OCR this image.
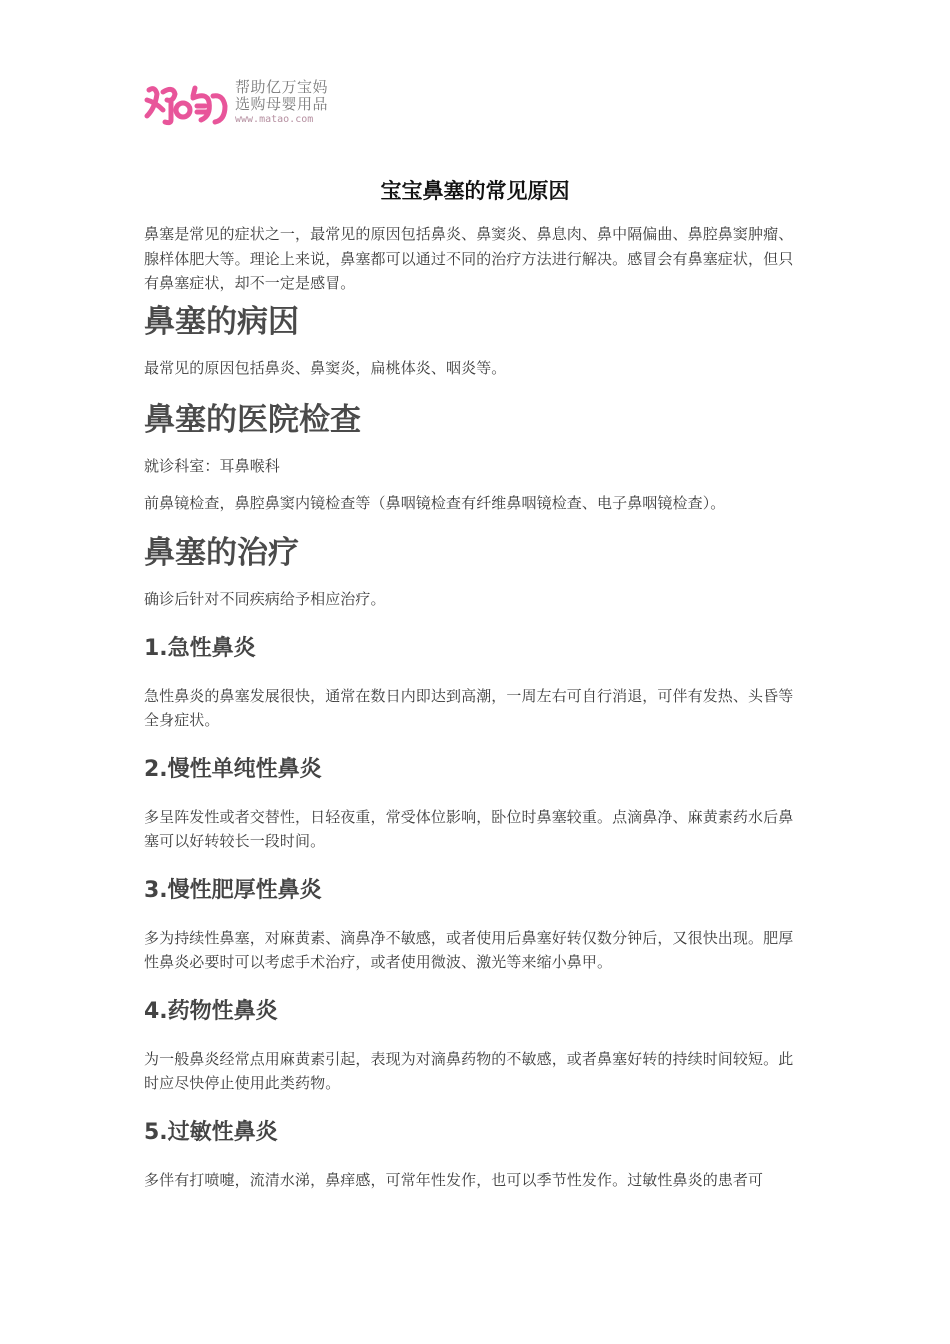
帮助亿万宝妈
选购母婴用品
www.matao.com
宝宝鼻塞的常见原因

鼻塞是常见的症状之一，最常见的原因包括鼻炎、鼻窦炎、鼻息肉、鼻中隔偏曲、鼻腔鼻窦肿瘤、腺样体肥大等。理论上来说，鼻塞都可以通过不同的治疗方法进行解决。感冒会有鼻塞症状，但只有鼻塞症状，却不一定是感冒。

鼻塞的病因

最常见的原因包括鼻炎、鼻窦炎，扁桃体炎、咽炎等。

鼻塞的医院检查

就诊科室：耳鼻喉科

前鼻镜检查，鼻腔鼻窦内镜检查等（鼻咽镜检查有纤维鼻咽镜检查、电子鼻咽镜检查）。

鼻塞的治疗

确诊后针对不同疾病给予相应治疗。

1.急性鼻炎

急性鼻炎的鼻塞发展很快，通常在数日内即达到高潮，一周左右可自行消退，可伴有发热、头昏等全身症状。

2.慢性单纯性鼻炎

多呈阵发性或者交替性，日轻夜重，常受体位影响，卧位时鼻塞较重。点滴鼻净、麻黄素药水后鼻塞可以好转较长一段时间。

3.慢性肥厚性鼻炎

多为持续性鼻塞，对麻黄素、滴鼻净不敏感，或者使用后鼻塞好转仅数分钟后，又很快出现。肥厚性鼻炎必要时可以考虑手术治疗，或者使用微波、激光等来缩小鼻甲。

4.药物性鼻炎

为一般鼻炎经常点用麻黄素引起，表现为对滴鼻药物的不敏感，或者鼻塞好转的持续时间较短。此时应尽快停止使用此类药物。

5.过敏性鼻炎

多伴有打喷嚏，流清水涕，鼻痒感，可常年性发作，也可以季节性发作。过敏性鼻炎的患者可
